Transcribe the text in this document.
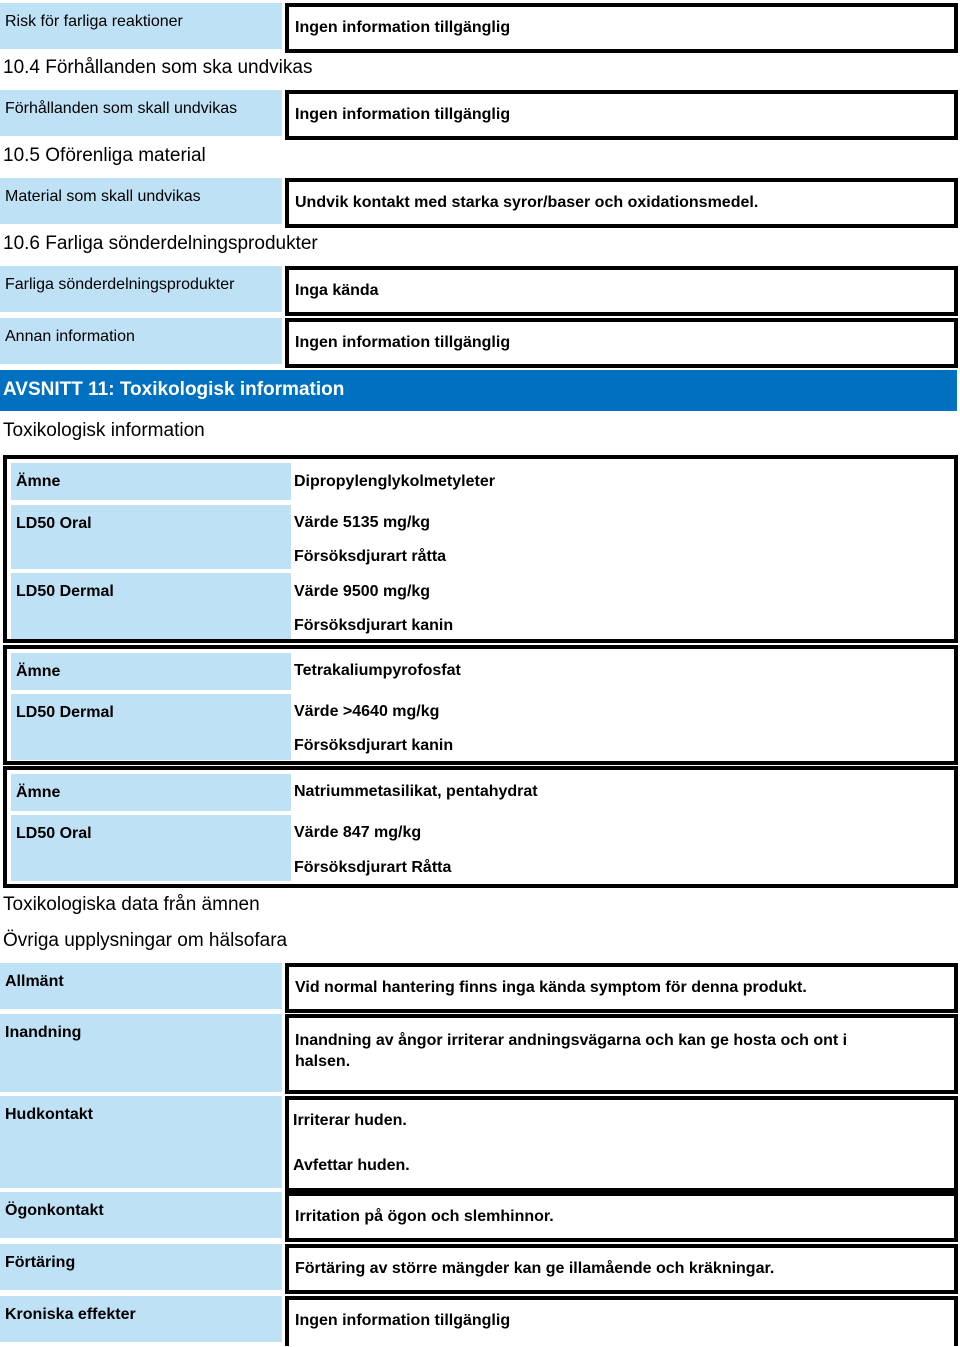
Risk för farliga reaktioner	Ingen information tillgänglig
10.4 Förhållanden som ska undvikas
Förhållanden som skall undvikas	Ingen information tillgänglig
10.5 Oförenliga material
Material som skall undvikas	Undvik kontakt med starka syror/baser och oxidationsmedel.
10.6 Farliga sönderdelningsprodukter
Farliga sönderdelningsprodukter	Inga kända
Annan information	Ingen information tillgänglig
AVSNITT 11: Toxikologisk information
Toxikologisk information
Ämne	Dipropylenglykolmetyleter
LD50 Oral	Värde 5135 mg/kg
Försöksdjurart råtta
LD50 Dermal	Värde 9500 mg/kg
Försöksdjurart kanin
Ämne	Tetrakaliumpyrofosfat
LD50 Dermal	Värde >4640 mg/kg
Försöksdjurart kanin
Ämne	Natriummetasilikat, pentahydrat
LD50 Oral	Värde 847 mg/kg
Försöksdjurart Råtta
Toxikologiska data från ämnen
Övriga upplysningar om hälsofara
Allmänt	Vid normal hantering finns inga kända symptom för denna produkt.
Inandning	Inandning av ångor irriterar andningsvägarna och kan ge hosta och ont i halsen.
Hudkontakt	Irriterar huden.
Avfettar huden.
Ögonkontakt	Irritation på ögon och slemhinnor.
Förtäring	Förtäring av större mängder kan ge illamående och kräkningar.
Kroniska effekter	Ingen information tillgänglig
